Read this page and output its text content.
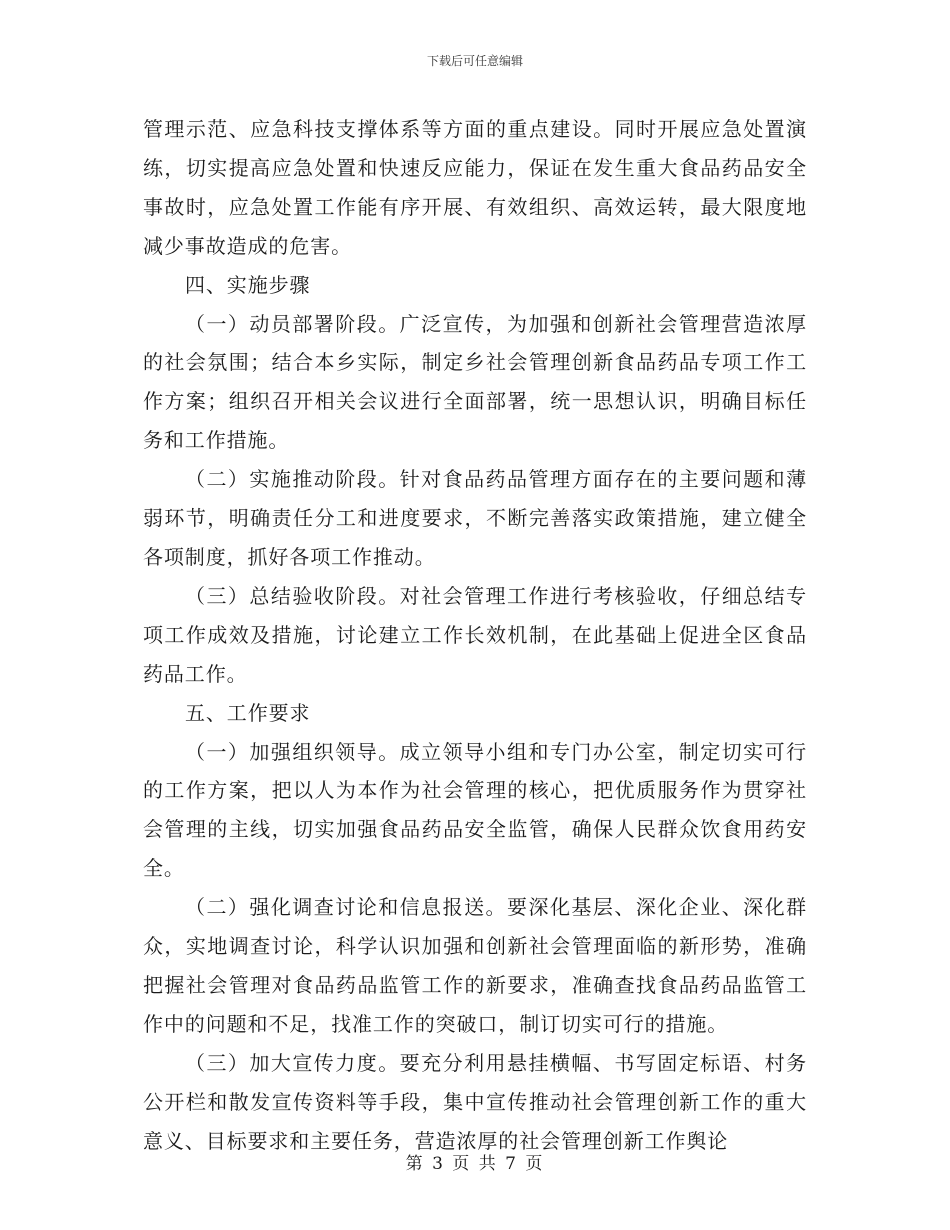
下载后可任意编辑

管理示范、应急科技支撑体系等方面的重点建设。同时开展应急处置演练，切实提高应急处置和快速反应能力，保证在发生重大食品药品安全事故时，应急处置工作能有序开展、有效组织、高效运转，最大限度地减少事故造成的危害。

四、实施步骤

（一）动员部署阶段。广泛宣传，为加强和创新社会管理营造浓厚的社会氛围；结合本乡实际，制定乡社会管理创新食品药品专项工作工作方案；组织召开相关会议进行全面部署，统一思想认识，明确目标任务和工作措施。

（二）实施推动阶段。针对食品药品管理方面存在的主要问题和薄弱环节，明确责任分工和进度要求，不断完善落实政策措施，建立健全各项制度，抓好各项工作推动。

（三）总结验收阶段。对社会管理工作进行考核验收，仔细总结专项工作成效及措施，讨论建立工作长效机制，在此基础上促进全区食品药品工作。

五、工作要求

（一）加强组织领导。成立领导小组和专门办公室，制定切实可行的工作方案，把以人为本作为社会管理的核心，把优质服务作为贯穿社会管理的主线，切实加强食品药品安全监管，确保人民群众饮食用药安全。

（二）强化调查讨论和信息报送。要深化基层、深化企业、深化群众，实地调查讨论，科学认识加强和创新社会管理面临的新形势，准确把握社会管理对食品药品监管工作的新要求，准确查找食品药品监管工作中的问题和不足，找准工作的突破口，制订切实可行的措施。

（三）加大宣传力度。要充分利用悬挂横幅、书写固定标语、村务公开栏和散发宣传资料等手段，集中宣传推动社会管理创新工作的重大意义、目标要求和主要任务，营造浓厚的社会管理创新工作舆论

第 3 页 共 7 页
